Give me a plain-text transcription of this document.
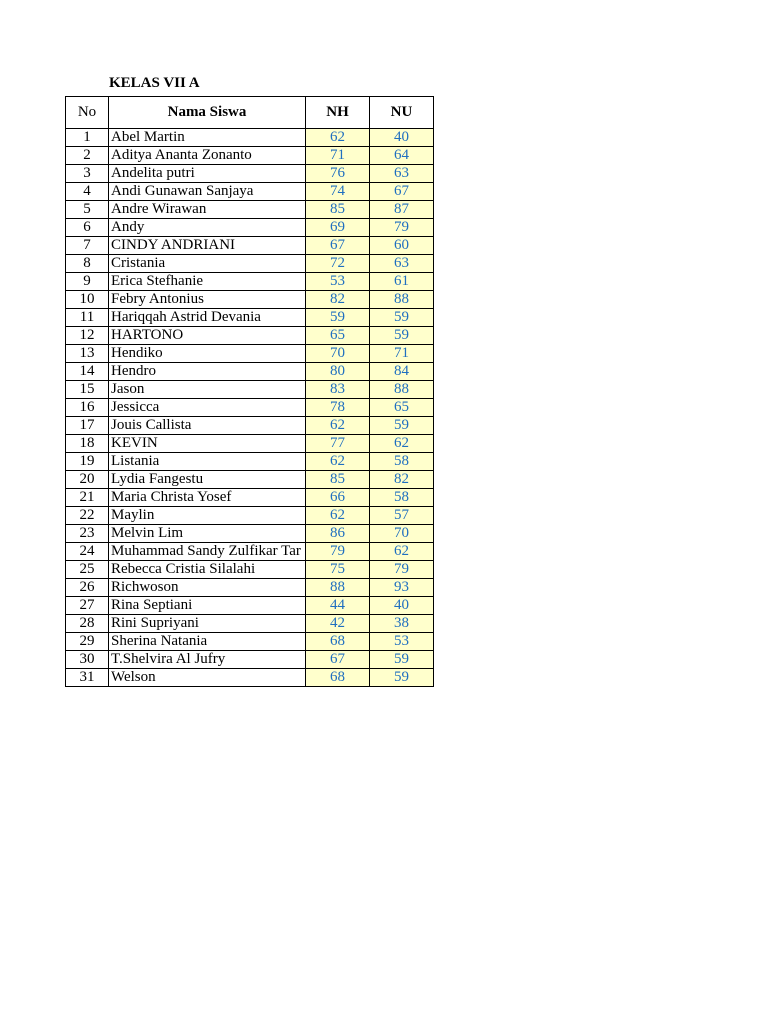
KELAS VII A
No	Nama Siswa	NH	NU
1	Abel Martin	62	40
2	Aditya Ananta Zonanto	71	64
3	Andelita putri	76	63
4	Andi Gunawan Sanjaya	74	67
5	Andre Wirawan	85	87
6	Andy	69	79
7	CINDY ANDRIANI	67	60
8	Cristania	72	63
9	Erica Stefhanie	53	61
10	Febry Antonius	82	88
11	Hariqqah Astrid Devania	59	59
12	HARTONO	65	59
13	Hendiko	70	71
14	Hendro	80	84
15	Jason	83	88
16	Jessicca	78	65
17	Jouis Callista	62	59
18	KEVIN	77	62
19	Listania	62	58
20	Lydia Fangestu	85	82
21	Maria Christa Yosef	66	58
22	Maylin	62	57
23	Melvin Lim	86	70
24	Muhammad Sandy Zulfikar Tar	79	62
25	Rebecca Cristia Silalahi	75	79
26	Richwoson	88	93
27	Rina Septiani	44	40
28	Rini Supriyani	42	38
29	Sherina Natania	68	53
30	T.Shelvira Al Jufry	67	59
31	Welson	68	59
